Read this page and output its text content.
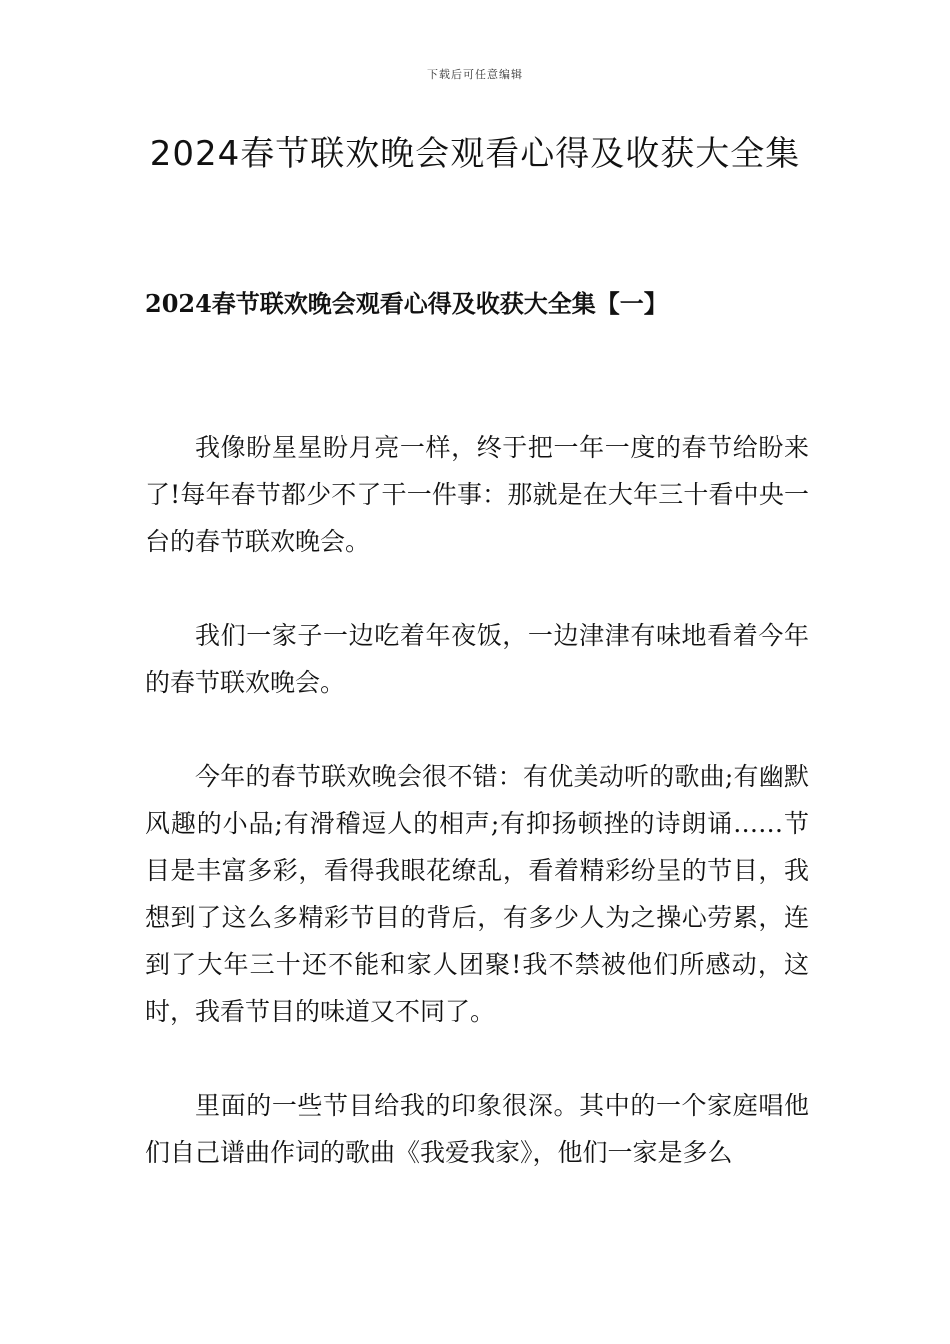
下载后可任意编辑
2024春节联欢晚会观看心得及收获大全集
2024春节联欢晚会观看心得及收获大全集【一】

我像盼星星盼月亮一样，终于把一年一度的春节给盼来了!每年春节都少不了干一件事：那就是在大年三十看中央一台的春节联欢晚会。

我们一家子一边吃着年夜饭，一边津津有味地看着今年的春节联欢晚会。

今年的春节联欢晚会很不错：有优美动听的歌曲;有幽默风趣的小品;有滑稽逗人的相声;有抑扬顿挫的诗朗诵……节目是丰富多彩，看得我眼花缭乱，看着精彩纷呈的节目，我想到了这么多精彩节目的背后，有多少人为之操心劳累，连到了大年三十还不能和家人团聚!我不禁被他们所感动，这时，我看节目的味道又不同了。

里面的一些节目给我的印象很深。其中的一个家庭唱他们自己谱曲作词的歌曲《我爱我家》，他们一家是多么
